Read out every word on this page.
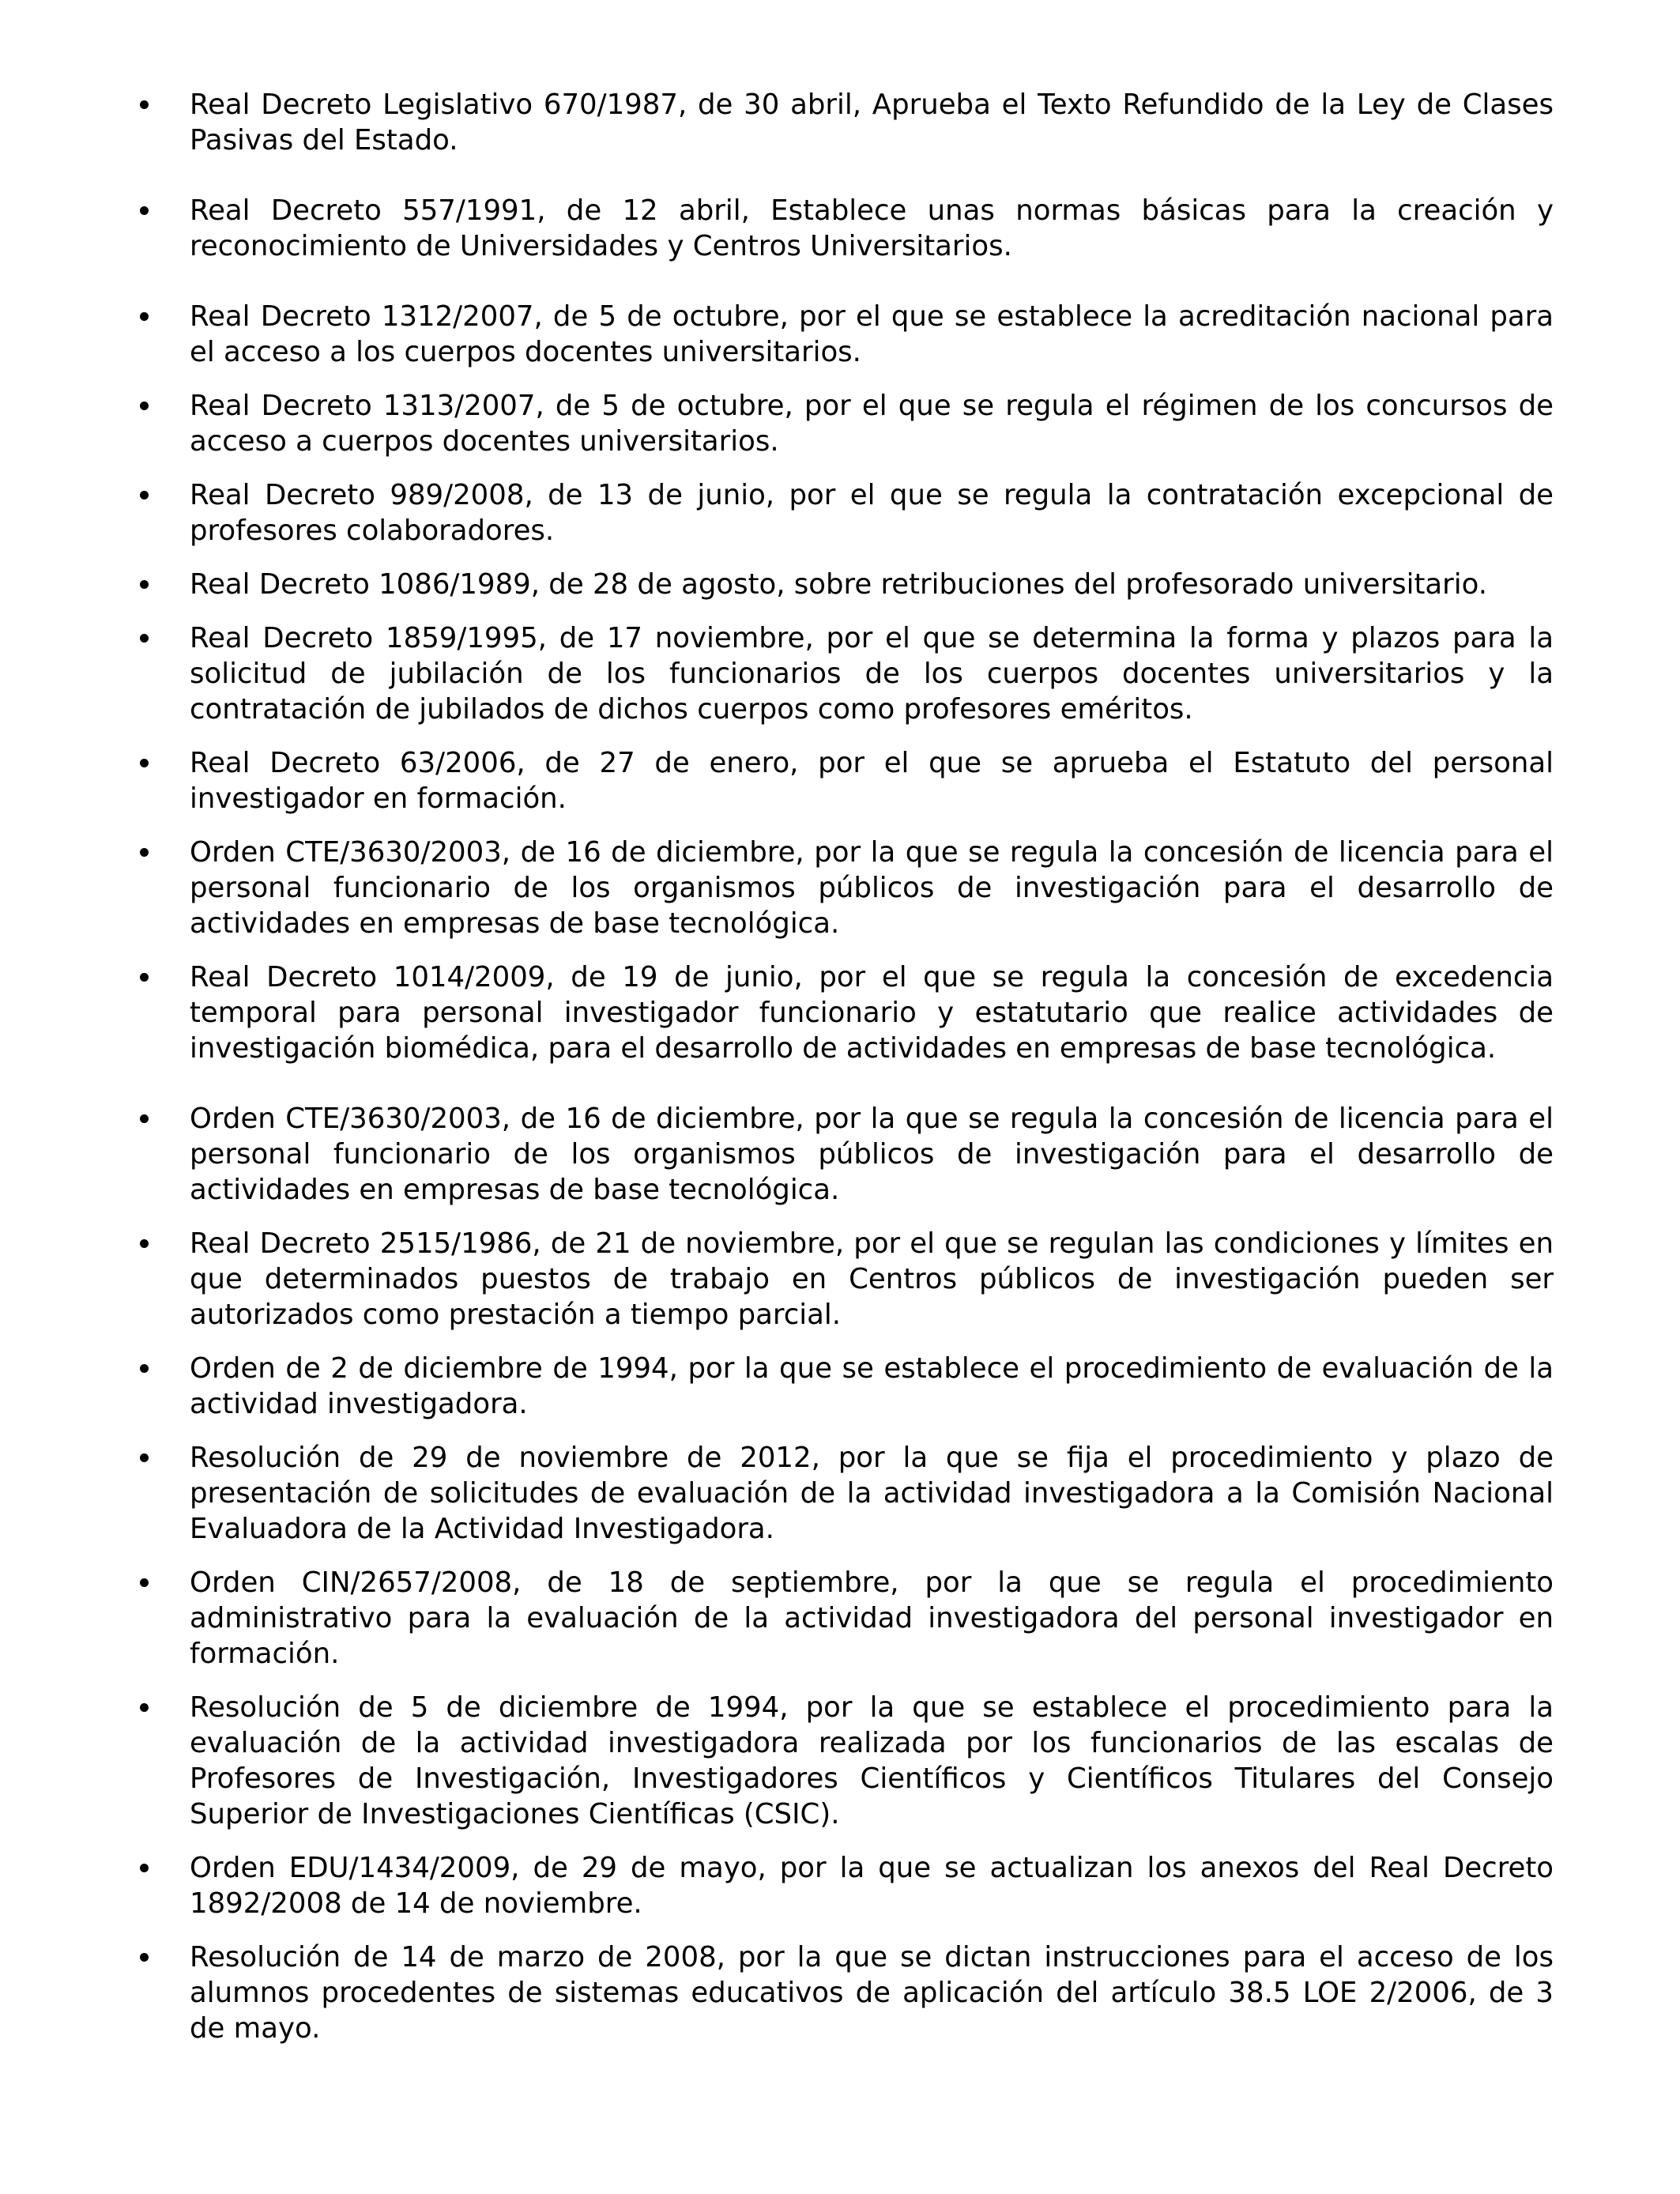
Real Decreto Legislativo 670/1987, de 30 abril, Aprueba el Texto Refundido de la Ley de Clases Pasivas del Estado.
Real Decreto 557/1991, de 12 abril, Establece unas normas básicas para la creación y reconocimiento de Universidades y Centros Universitarios.
Real Decreto 1312/2007, de 5 de octubre, por el que se establece la acreditación nacional para el acceso a los cuerpos docentes universitarios.
Real Decreto 1313/2007, de 5 de octubre, por el que se regula el régimen de los concursos de acceso a cuerpos docentes universitarios.
Real Decreto 989/2008, de 13 de junio, por el que se regula la contratación excepcional de profesores colaboradores.
Real Decreto 1086/1989, de 28 de agosto, sobre retribuciones del profesorado universitario.
Real Decreto 1859/1995, de 17 noviembre, por el que se determina la forma y plazos para la solicitud de jubilación de los funcionarios de los cuerpos docentes universitarios y la contratación de jubilados de dichos cuerpos como profesores eméritos.
Real Decreto 63/2006, de 27 de enero, por el que se aprueba el Estatuto del personal investigador en formación.
Orden CTE/3630/2003, de 16 de diciembre, por la que se regula la concesión de licencia para el personal funcionario de los organismos públicos de investigación para el desarrollo de actividades en empresas de base tecnológica.
Real Decreto 1014/2009, de 19 de junio, por el que se regula la concesión de excedencia temporal para personal investigador funcionario y estatutario que realice actividades de investigación biomédica, para el desarrollo de actividades en empresas de base tecnológica.
Orden CTE/3630/2003, de 16 de diciembre, por la que se regula la concesión de licencia para el personal funcionario de los organismos públicos de investigación para el desarrollo de actividades en empresas de base tecnológica.
Real Decreto 2515/1986, de 21 de noviembre, por el que se regulan las condiciones y límites en que determinados puestos de trabajo en Centros públicos de investigación pueden ser autorizados como prestación a tiempo parcial.
Orden de 2 de diciembre de 1994, por la que se establece el procedimiento de evaluación de la actividad investigadora.
Resolución de 29 de noviembre de 2012, por la que se fija el procedimiento y plazo de presentación de solicitudes de evaluación de la actividad investigadora a la Comisión Nacional Evaluadora de la Actividad Investigadora.
Orden CIN/2657/2008, de 18 de septiembre, por la que se regula el procedimiento administrativo para la evaluación de la actividad investigadora del personal investigador en formación.
Resolución de 5 de diciembre de 1994, por la que se establece el procedimiento para la evaluación de la actividad investigadora realizada por los funcionarios de las escalas de Profesores de Investigación, Investigadores Científicos y Científicos Titulares del Consejo Superior de Investigaciones Científicas (CSIC).
Orden EDU/1434/2009, de 29 de mayo, por la que se actualizan los anexos del Real Decreto 1892/2008 de 14 de noviembre.
Resolución de 14 de marzo de 2008, por la que se dictan instrucciones para el acceso de los alumnos procedentes de sistemas educativos de aplicación del artículo 38.5 LOE 2/2006, de 3 de mayo.
